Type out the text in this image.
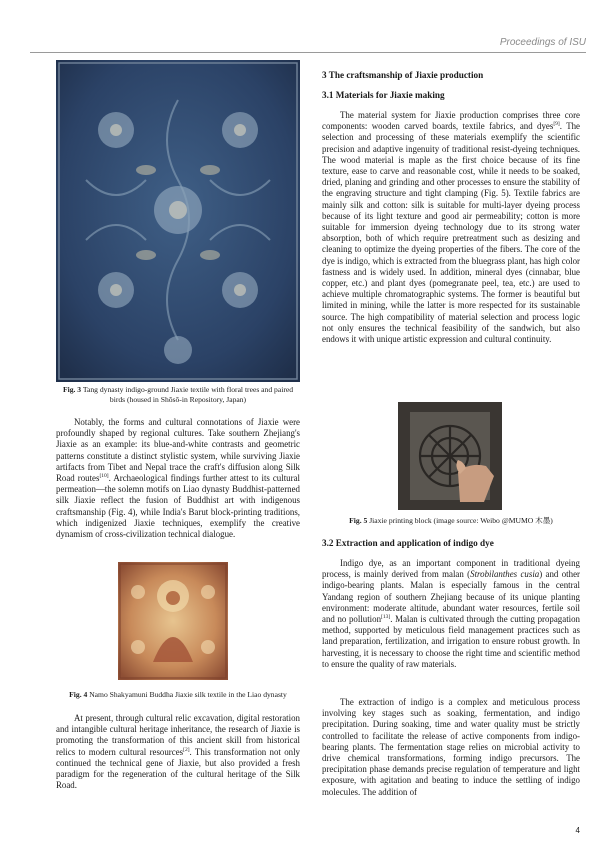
Proceedings of ISU
Fig. 3 Tang dynasty indigo-ground Jiaxie textile with floral trees and paired birds (housed in Shōsō-in Repository, Japan)

Notably, the forms and cultural connotations of Jiaxie were profoundly shaped by regional cultures. Take southern Zhejiang's Jiaxie as an example: its blue-and-white contrasts and geometric patterns constitute a distinct stylistic system, while surviving Jiaxie artifacts from Tibet and Nepal trace the craft's diffusion along Silk Road routes[10]. Archaeological findings further attest to its cultural permeation—the solemn motifs on Liao dynasty Buddhist-patterned silk Jiaxie reflect the fusion of Buddhist art with indigenous craftsmanship (Fig. 4), while India's Barut block-printing traditions, which indigenized Jiaxie techniques, exemplify the creative dynamism of cross-civilization technical dialogue.

Fig. 4 Namo Shakyamuni Buddha Jiaxie silk textile in the Liao dynasty

At present, through cultural relic excavation, digital restoration and intangible cultural heritage inheritance, the research of Jiaxie is promoting the transformation of this ancient skill from historical relics to modern cultural resources[2]. This transformation not only continued the technical gene of Jiaxie, but also provided a fresh paradigm for the regeneration of the cultural heritage of the Silk Road.

3 The craftsmanship of Jiaxie production
3.1 Materials for Jiaxie making

The material system for Jiaxie production comprises three core components: wooden carved boards, textile fabrics, and dyes[9]. The selection and processing of these materials exemplify the scientific precision and adaptive ingenuity of traditional resist-dyeing techniques. The wood material is maple as the first choice because of its fine texture, ease to carve and reasonable cost, while it needs to be soaked, dried, planing and grinding and other processes to ensure the stability of the engraving structure and tight clamping (Fig. 5). Textile fabrics are mainly silk and cotton: silk is suitable for multi-layer dyeing process because of its light texture and good air permeability; cotton is more suitable for immersion dyeing technology due to its strong water absorption, both of which require pretreatment such as desizing and cleaning to optimize the dyeing properties of the fibers. The core of the dye is indigo, which is extracted from the bluegrass plant, has high color fastness and is widely used. In addition, mineral dyes (cinnabar, blue copper, etc.) and plant dyes (pomegranate peel, tea, etc.) are used to achieve multiple chromatographic systems. The former is beautiful but limited in mining, while the latter is more respected for its sustainable source. The high compatibility of material selection and process logic not only ensures the technical feasibility of the sandwich, but also endows it with unique artistic expression and cultural continuity.

Fig. 5 Jiaxie printing block (image source: Weibo @MUMO 木墨)
3.2 Extraction and application of indigo dye

Indigo dye, as an important component in traditional dyeing process, is mainly derived from malan (Strobilanthes cusia) and other indigo-bearing plants. Malan is especially famous in the central Yandang region of southern Zhejiang because of its unique planting environment: moderate altitude, abundant water resources, fertile soil and no pollution[13]. Malan is cultivated through the cutting propagation method, supported by meticulous field management practices such as land preparation, fertilization, and irrigation to ensure robust growth. In harvesting, it is necessary to choose the right time and scientific method to ensure the quality of raw materials.

The extraction of indigo is a complex and meticulous process involving key stages such as soaking, fermentation, and indigo precipitation. During soaking, time and water quality must be strictly controlled to facilitate the release of active components from indigo-bearing plants. The fermentation stage relies on microbial activity to drive chemical transformations, forming indigo precursors. The precipitation phase demands precise regulation of temperature and light exposure, with agitation and beating to induce the settling of indigo molecules. The addition of

4
